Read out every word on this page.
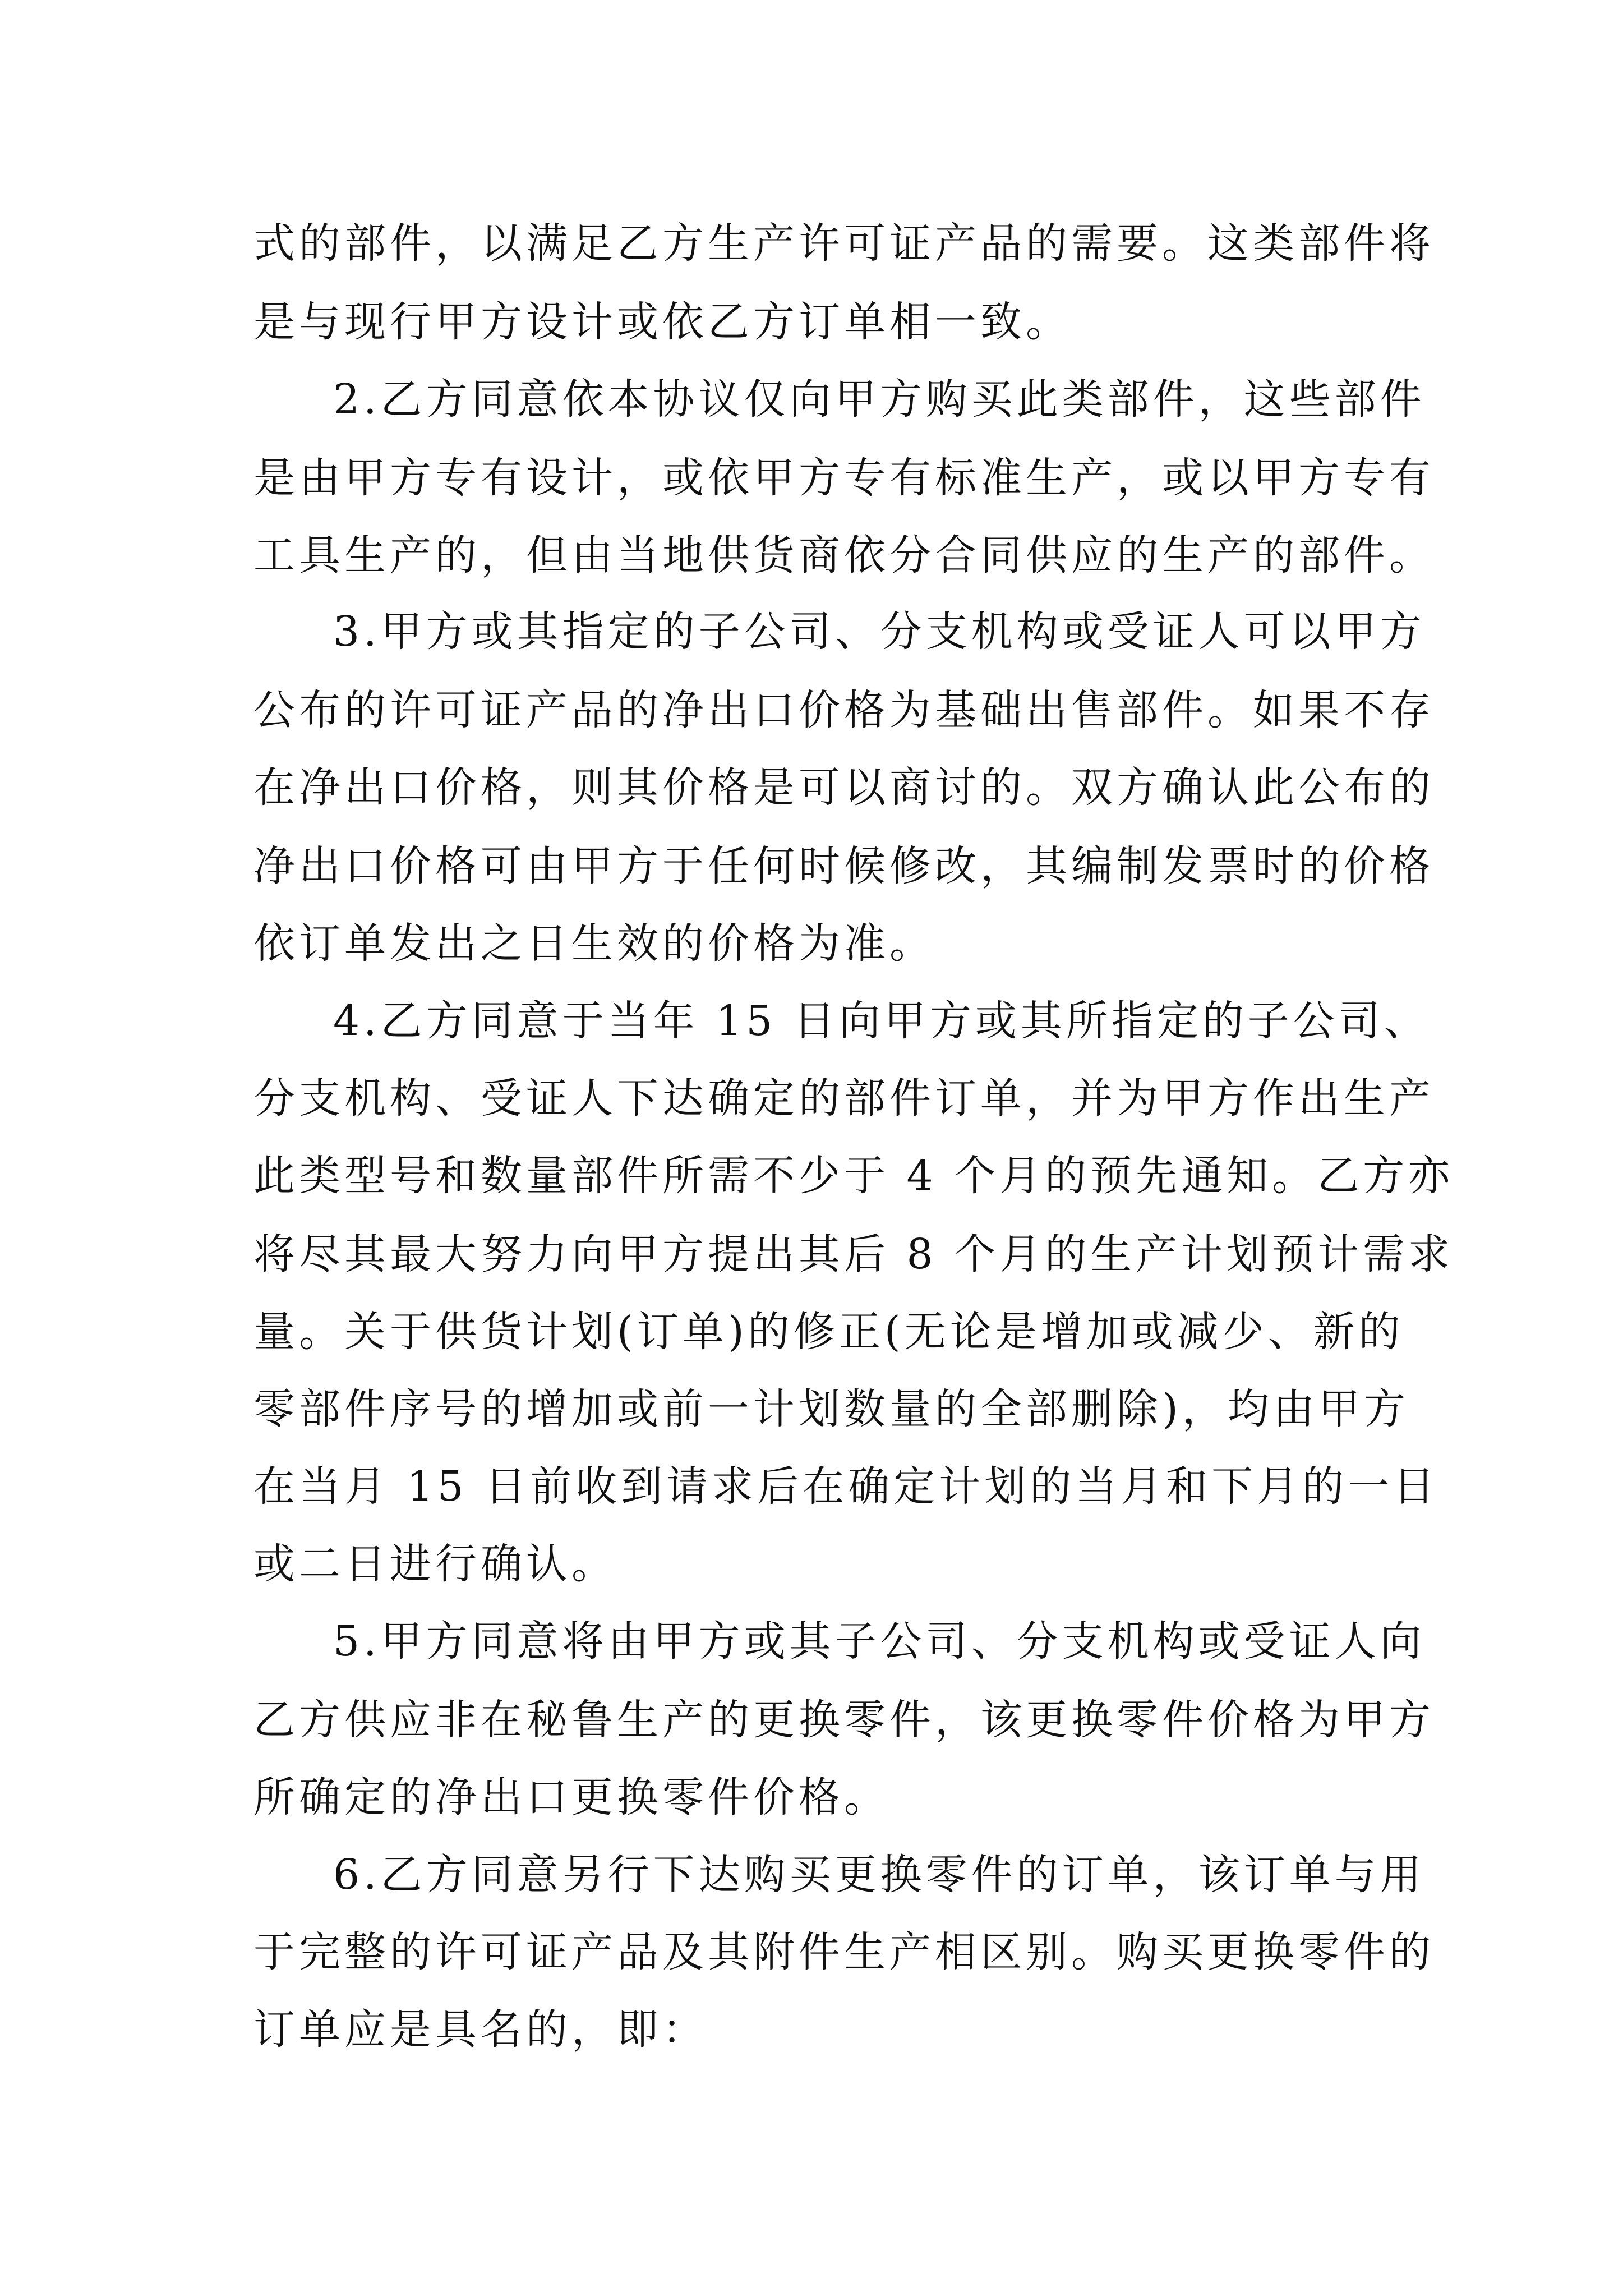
式的部件，以满足乙方生产许可证产品的需要。这类部件将
是与现行甲方设计或依乙方订单相一致。
2.乙方同意依本协议仅向甲方购买此类部件，这些部件
是由甲方专有设计，或依甲方专有标准生产，或以甲方专有
工具生产的，但由当地供货商依分合同供应的生产的部件。
3.甲方或其指定的子公司、分支机构或受证人可以甲方
公布的许可证产品的净出口价格为基础出售部件。如果不存
在净出口价格，则其价格是可以商讨的。双方确认此公布的
净出口价格可由甲方于任何时候修改，其编制发票时的价格
依订单发出之日生效的价格为准。
4.乙方同意于当年 15 日向甲方或其所指定的子公司、
分支机构、受证人下达确定的部件订单，并为甲方作出生产
此类型号和数量部件所需不少于 4 个月的预先通知。乙方亦
将尽其最大努力向甲方提出其后 8 个月的生产计划预计需求
量。关于供货计划(订单)的修正(无论是增加或减少、新的
零部件序号的增加或前一计划数量的全部删除)，均由甲方
在当月 15 日前收到请求后在确定计划的当月和下月的一日
或二日进行确认。
5.甲方同意将由甲方或其子公司、分支机构或受证人向
乙方供应非在秘鲁生产的更换零件，该更换零件价格为甲方
所确定的净出口更换零件价格。
6.乙方同意另行下达购买更换零件的订单，该订单与用
于完整的许可证产品及其附件生产相区别。购买更换零件的
订单应是具名的，即：
